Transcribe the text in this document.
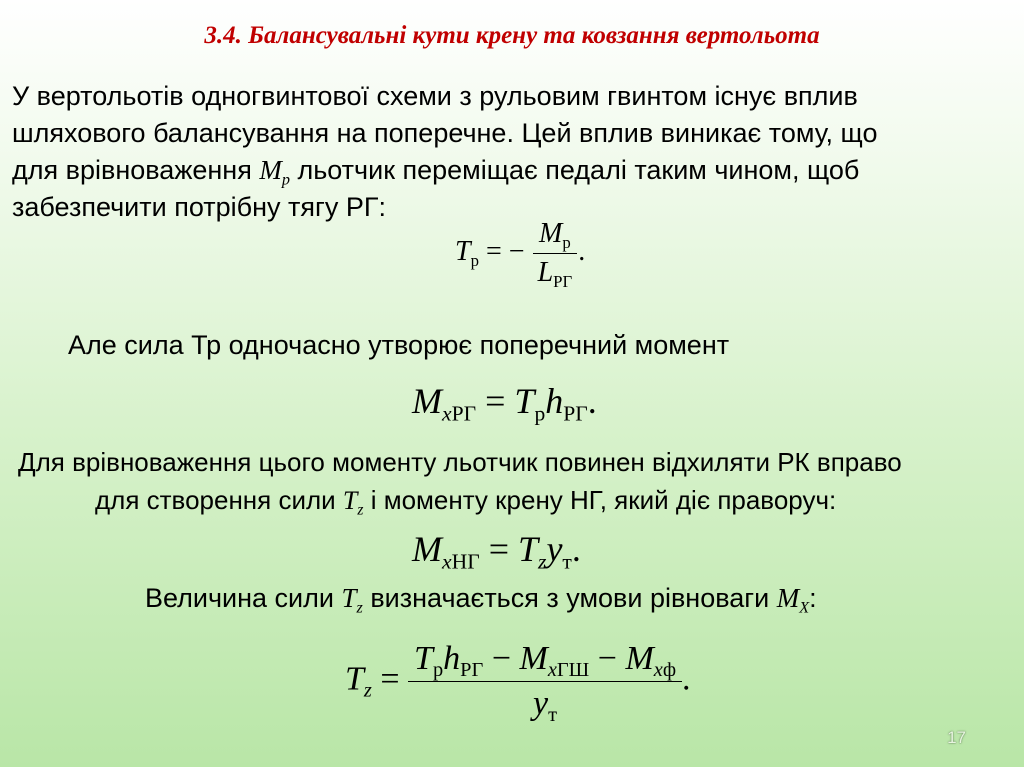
3.4. Балансувальні кути крену та ковзання вертольота
У вертольотів одногвинтової схеми з рульовим гвинтом існує вплив
шляхового балансування на поперечне. Цей вплив виникає тому, що
для врівноваження $M_p$ льотчик переміщає педалі таким чином, щоб
забезпечити потрібну тягу РГ:
$T_р$ = − $\frac{M_р}{L_{РГ}}$ .
Але сила Тр одночасно утворює поперечний момент
$M_{xРГ} = T_рh_{РГ}$.
Для врівноваження цього моменту льотчик повинен відхиляти РК вправо
для створення сили $T_z$ і моменту крену НГ, який діє праворуч:
$M_{xНГ} = T_zy_т$.
Величина сили $T_z$ визначається з умови рівноваги $M_X$:
$T_z = \frac{T_рh_{РГ} - M_{xГШ} - M_{xф}}{y_т}$ .
17
